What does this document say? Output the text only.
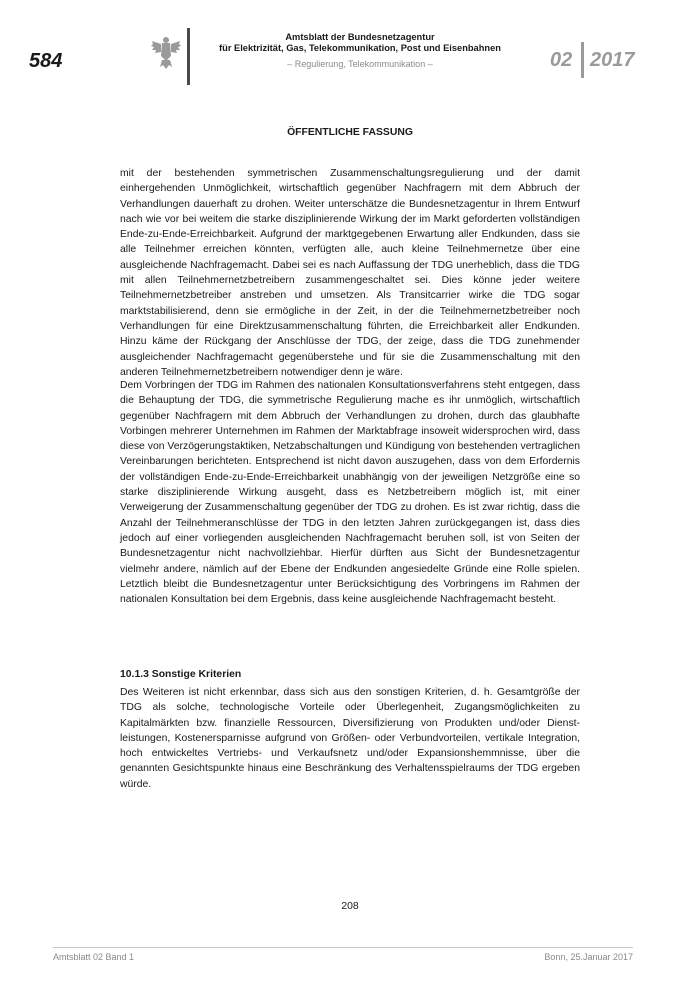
584
Amtsblatt der Bundesnetzagentur
für Elektrizität, Gas, Telekommunikation, Post und Eisenbahnen
– Regulierung, Telekommunikation –	02 2017
ÖFFENTLICHE FASSUNG

mit der bestehenden symmetrischen Zusammenschaltungsregulierung und der damit einhergehenden Unmöglichkeit, wirtschaftlich gegenüber Nachfragern mit dem Abbruch der Verhandlungen dauerhaft zu drohen. Weiter unterschätze die Bundesnetzagentur in Ihrem Entwurf nach wie vor bei weitem die starke disziplinierende Wirkung der im Markt geforderten vollständigen Ende-zu-Ende-Erreichbarkeit. Aufgrund der marktgegebenen Erwartung aller Endkunden, dass sie alle Teilnehmer erreichen könnten, verfügten alle, auch kleine Teilnehmernetze über eine ausgleichende Nachfragemacht. Dabei sei es nach Auffassung der TDG unerheblich, dass die TDG mit allen Teilnehmernetzbetreibern zusammengeschaltet sei. Dies könne jeder weitere Teilnehmernetzbetreiber anstreben und umsetzen. Als Transitcarrier wirke die TDG sogar marktstabilisierend, denn sie ermögliche in der Zeit, in der die Teilnehmernetzbetreiber noch Verhandlungen für eine Direktzusammenschaltung führten, die Erreichbarkeit aller Endkunden. Hinzu käme der Rückgang der Anschlüsse der TDG, der zeige, dass die TDG zunehmender ausgleichender Nachfragemacht gegenüberstehe und für sie die Zusammenschaltung mit den anderen Teilnehmernetzbetreibern notwendiger denn je wäre.

Dem Vorbringen der TDG im Rahmen des nationalen Konsultationsverfahrens steht entgegen, dass die Behauptung der TDG, die symmetrische Regulierung mache es ihr unmöglich, wirtschaftlich gegenüber Nachfragern mit dem Abbruch der Verhandlungen zu drohen, durch das glaubhafte Vorbingen mehrerer Unternehmen im Rahmen der Marktabfrage insoweit widersprochen wird, dass diese von Verzögerungstaktiken, Netzabschaltungen und Kündigung von bestehenden vertraglichen Vereinbarungen berichteten. Entsprechend ist nicht davon auszugehen, dass von dem Erfordernis der vollständigen Ende-zu-Ende-Erreichbarkeit unabhängig von der jeweiligen Netzgröße eine so starke disziplinierende Wirkung ausgeht, dass es Netzbetreibern möglich ist, mit einer Verweigerung der Zusammenschaltung gegenüber der TDG zu drohen. Es ist zwar richtig, dass die Anzahl der Teilnehmeranschlüsse der TDG in den letzten Jahren zurückgegangen ist, dass dies jedoch auf einer vorliegenden ausgleichenden Nachfragemacht beruhen soll, ist von Seiten der Bundesnetzagentur nicht nachvollziehbar. Hierfür dürften aus Sicht der Bundesnetzagentur vielmehr andere, nämlich auf der Ebene der Endkunden angesiedelte Gründe eine Rolle spielen. Letztlich bleibt die Bundesnetzagentur unter Berücksichtigung des Vorbringens im Rahmen der nationalen Konsultation bei dem Ergebnis, dass keine ausgleichende Nachfragemacht besteht.

10.1.3 Sonstige Kriterien

Des Weiteren ist nicht erkennbar, dass sich aus den sonstigen Kriterien, d. h. Gesamtgröße der TDG als solche, technologische Vorteile oder Überlegenheit, Zugangsmöglichkeiten zu Kapitalmärkten bzw. finanzielle Ressourcen, Diversifizierung von Produkten und/oder Dienst-leistungen, Kostenersparnisse aufgrund von Größen- oder Verbundvorteilen, vertikale Integration, hoch entwickeltes Vertriebs- und Verkaufsnetz und/oder Expansionshemmnisse, über die genannten Gesichtspunkte hinaus eine Beschränkung des Verhaltensspielraums der TDG ergeben würde.

208
Amtsblatt 02 Band 1	Bonn, 25.Januar 2017
